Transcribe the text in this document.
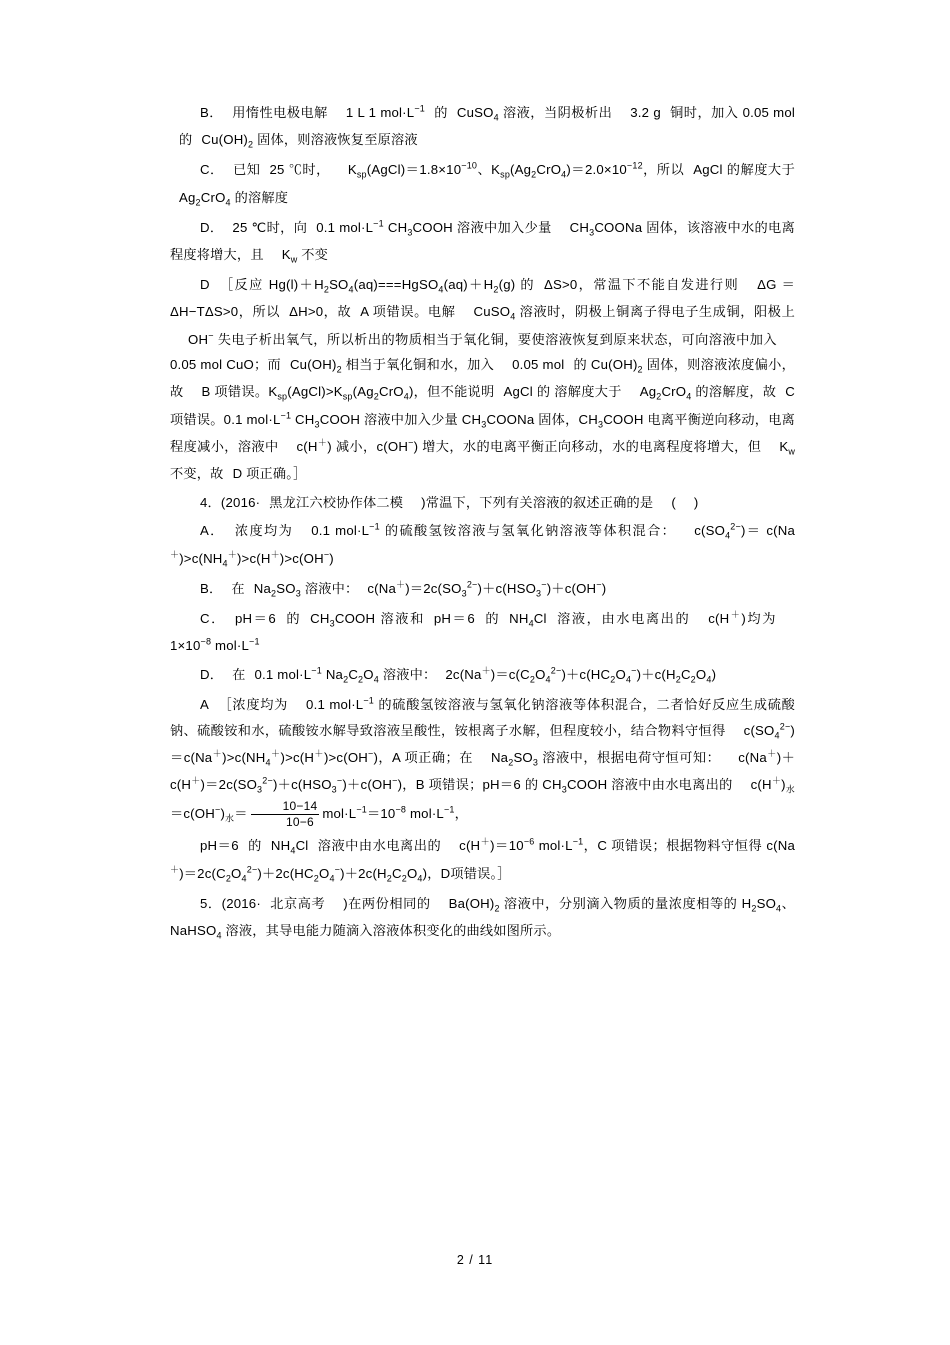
B． 用惰性电极电解 1 L 1 $mol\cdot L^{-1}$ 的 CuSO$_4$ 溶液，当阴极析出 3.2 g 铜时，加入 0.05 mol的 $Cu(OH)_2$ 固体，则溶液恢复至原溶液

C． 已知 25 ℃时， $K_{sp}(AgCl)=1.8\times 10^{-10}$、$K_{sp}(Ag_2CrO_4)=2.0\times 10^{-12}$，所以 AgCl 的解度大于$Ag_2CrO_4$ 的溶解度

D． 25 ℃时，向 0.1 $mol\cdot L^{-1}$ $CH_3COOH$ 溶液中加入少量 $CH_3COONa$ 固体，该溶液中水的电离程度将增大，且 $K_w$ 不变

D ［反应 $Hg(l)+H_2SO_4(aq)===HgSO_4(aq)+H_2(g)$ 的 ΔS>0，常温下不能自发进行则 ΔG ＝ΔH−TΔS>0，所以 ΔH>0，故 A 项错误。电解 CuSO$_4$ 溶液时，阴极上铜离子得电子生成铜，阳极上OH− 失电子析出氧气，所以析出的物质相当于氧化铜，要使溶液恢复到原来状态，可向溶液中加入0.05 mol CuO；而 $Cu(OH)_2$ 相当于氧化铜和水，加入 0.05 mol 的 $Cu(OH)_2$ 固体，则溶液浓度偏小，故 B 项错误。$K_{sp}(AgCl)>K_{sp}(Ag_2CrO_4)$，但不能说明 AgCl 的 溶解度大于 $Ag_2CrO_4$ 的溶解度，故 C 项错误。0.1 $mol\cdot L^{-1}$ $CH_3COOH$ 溶液中加入少量 $CH_3COONa$ 固体，$CH_3COOH$ 电离平衡逆向移动，电离程度减小，溶液中 c(H＋) 减小，c(OH−) 增大，水的电离平衡正向移动，水的电离程度将增大，但 $K_w$ 不变，故 D 项正确。］

4．(2016· 黑龙江六校协作体二模 )常温下，下列有关溶液的叙述正确的是 ( )

A． 浓度均为 0.1 $mol\cdot L^{-1}$ 的硫酸氢铵溶液与氢氧化钠溶液等体积混合： $c(SO_4^{2-})= c(Na^+)>c(NH_4^+)>c(H^+)>c(OH^-)$

B． 在 $Na_2SO_3$ 溶液中： $c(Na^+)=2c(SO_3^{2-})+c(HSO_3^-)+c(OH^-)$

C． pH＝6 的 $CH_3COOH$ 溶液和 pH＝6 的 $NH_4Cl$ 溶液，由水电离出的 c(H＋)均为$1\times 10^{-8}$ $mol\cdot L^{-1}$

D． 在 0.1 $mol\cdot L^{-1}$ $Na_2C_2O_4$ 溶液中： $2c(Na^+)=c(C_2O_4^{2-})+c(HC_2O_4^-)+c(H_2C_2O_4)$

A ［浓度均为 0.1 $mol\cdot L^{-1}$ 的硫酸氢铵溶液与氢氧化钠溶液等体积混合，二者恰好反应生成硫酸钠、硫酸铵和水，硫酸铵水解导致溶液呈酸性，铵根离子水解，但程度较小，结合物料守恒得 $c(SO_4^{2-})=c(Na^+)>c(NH_4^+)>c(H^+)>c(OH^-)$，A 项正确；在 $Na_2SO_3$ 溶液中，根据电荷守恒可知： $c(Na^+)+c(H^+)=2c(SO_3^{2-})+c(HSO_3^-)+c(OH^-)$，B 项错误；pH＝6 的 $CH_3COOH$ 溶液中由水电离出的 $c(H^+)_水=c(OH^-)_水= \frac{10-14}{10-6} mol\cdot L^{-1}=10^{-8}$ $mol\cdot L^{-1}$，

pH＝6 的 $NH_4Cl$ 溶液中由水电离出的 $c(H^+)=10^{-6}$ $mol\cdot L^{-1}$，C 项错误；根据物料守恒得 $c(Na^+)=2c(C_2O_4^{2-})+2c(HC_2O_4^-)+2c(H_2C_2O_4)$，D项错误。］

5．(2016· 北京高考 )在两份相同的 $Ba(OH)_2$ 溶液中，分别滴入物质的量浓度相等的 $H_2SO_4$、NaHSO$_4$ 溶液，其导电能力随滴入溶液体积变化的曲线如图所示。

2 / 11
